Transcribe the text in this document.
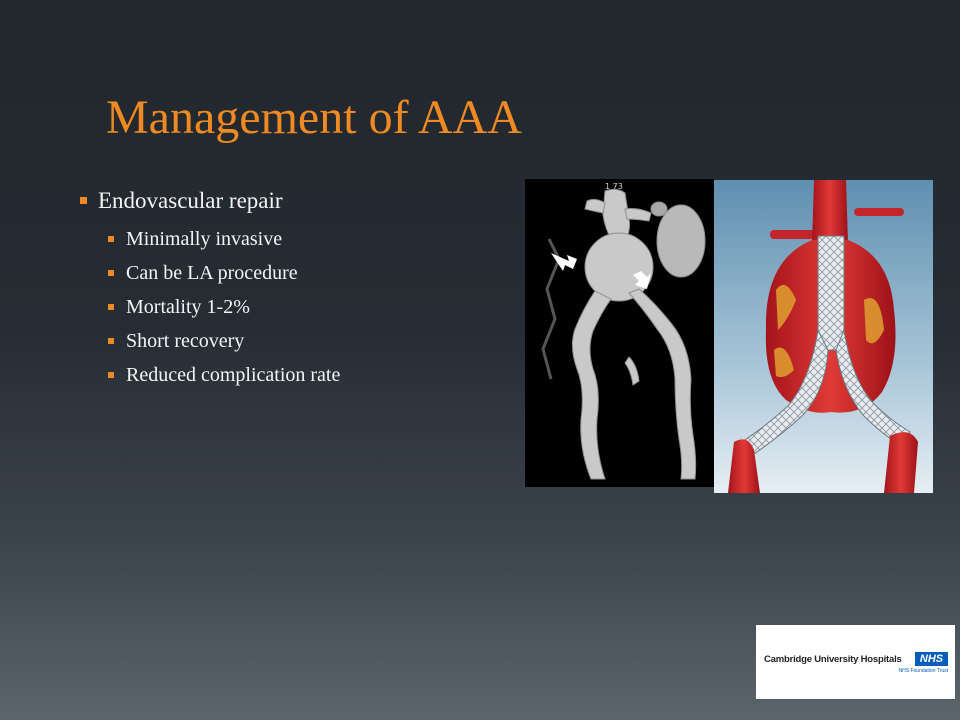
Management of AAA
Endovascular repair
Minimally invasive
Can be LA procedure
Mortality 1-2%
Short recovery
Reduced complication rate
1 73
Cambridge University Hospitals	NHS
NHS Foundation Trust
